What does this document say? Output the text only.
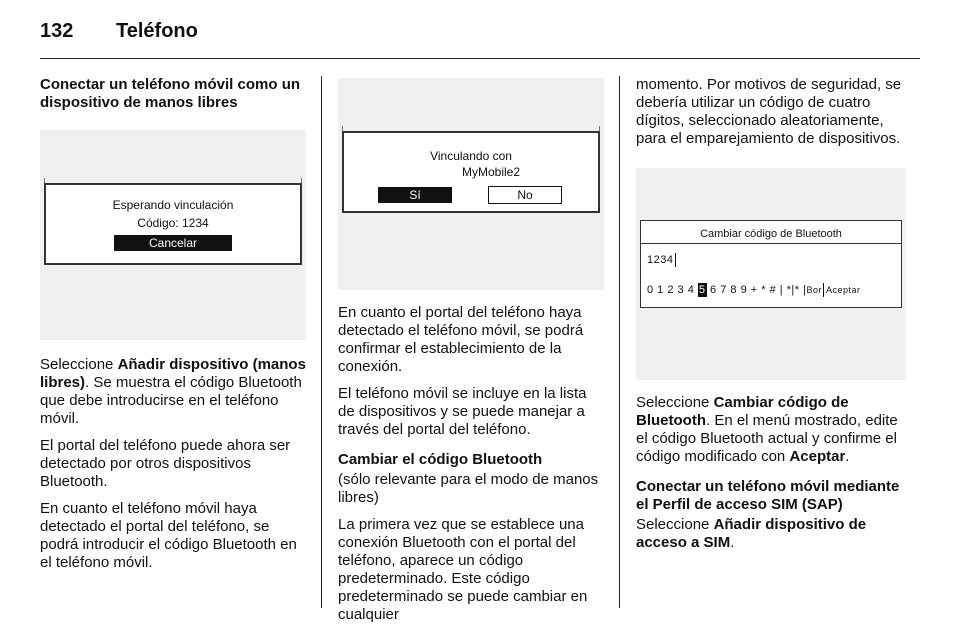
132 Teléfono

Conectar un teléfono móvil como un dispositivo de manos libres

Esperando vinculación
Código: 1234
Cancelar

Seleccione Añadir dispositivo (manos libres). Se muestra el código Bluetooth que debe introducirse en el teléfono móvil.

El portal del teléfono puede ahora ser detectado por otros dispositivos Bluetooth.

En cuanto el teléfono móvil haya detectado el portal del teléfono, se podrá introducir el código Bluetooth en el teléfono móvil.

Vinculando con
MyMobile2
Sí	No

En cuanto el portal del teléfono haya detectado el teléfono móvil, se podrá confirmar el establecimiento de la conexión.

El teléfono móvil se incluye en la lista de dispositivos y se puede manejar a través del portal del teléfono.

Cambiar el código Bluetooth

(sólo relevante para el modo de manos libres)

La primera vez que se establece una conexión Bluetooth con el portal del teléfono, aparece un código predeterminado. Este código predeterminado se puede cambiar en cualquier

momento. Por motivos de seguridad, se debería utilizar un código de cuatro dígitos, seleccionado aleatoriamente, para el emparejamiento de dispositivos.

Cambiar código de Bluetooth
1234
0 1 2 3 4 5 6 7 8 9 + * # | *|* |Bor Aceptar

Seleccione Cambiar código de Bluetooth. En el menú mostrado, edite el código Bluetooth actual y confirme el código modificado con Aceptar.

Conectar un teléfono móvil mediante el Perfil de acceso SIM (SAP)

Seleccione Añadir dispositivo de acceso a SIM.
